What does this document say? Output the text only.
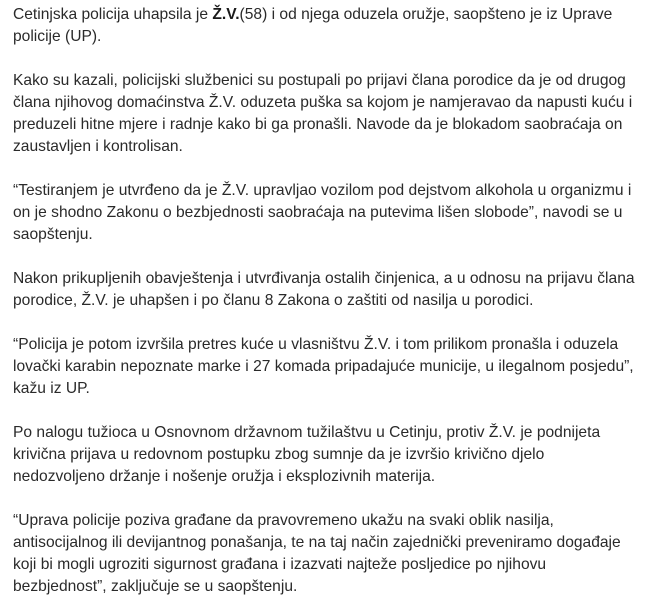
Cetinjska policija uhapsila je Ž.V.(58) i od njega oduzela oružje, saopšteno je iz Uprave policije (UP).

Kako su kazali, policijski službenici su postupali po prijavi člana porodice da je od drugog člana njihovog domaćinstva Ž.V. oduzeta puška sa kojom je namjeravao da napusti kuću i preduzeli hitne mjere i radnje kako bi ga pronašli. Navode da je blokadom saobraćaja on zaustavljen i kontrolisan.

“Testiranjem je utvrđeno da je Ž.V. upravljao vozilom pod dejstvom alkohola u organizmu i on je shodno Zakonu o bezbjednosti saobraćaja na putevima lišen slobode”, navodi se u saopštenju.

Nakon prikupljenih obavještenja i utvrđivanja ostalih činjenica, a u odnosu na prijavu člana porodice, Ž.V. je uhapšen i po članu 8 Zakona o zaštiti od nasilja u porodici.

“Policija je potom izvršila pretres kuće u vlasništvu Ž.V. i tom prilikom pronašla i oduzela lovački karabin nepoznate marke i 27 komada pripadajuće municije, u ilegalnom posjedu”, kažu iz UP.

Po nalogu tužioca u Osnovnom državnom tužilaštvu u Cetinju, protiv Ž.V. je podnijeta krivična prijava u redovnom postupku zbog sumnje da je izvršio krivično djelo nedozvoljeno držanje i nošenje oružja i eksplozivnih materija.

“Uprava policije poziva građane da pravovremeno ukažu na svaki oblik nasilja, antisocijalnog ili devijantnog ponašanja, te na taj način zajednički preveniramo događaje koji bi mogli ugroziti sigurnost građana i izazvati najteže posljedice po njihovu bezbjednost”, zaključuje se u saopštenju.
